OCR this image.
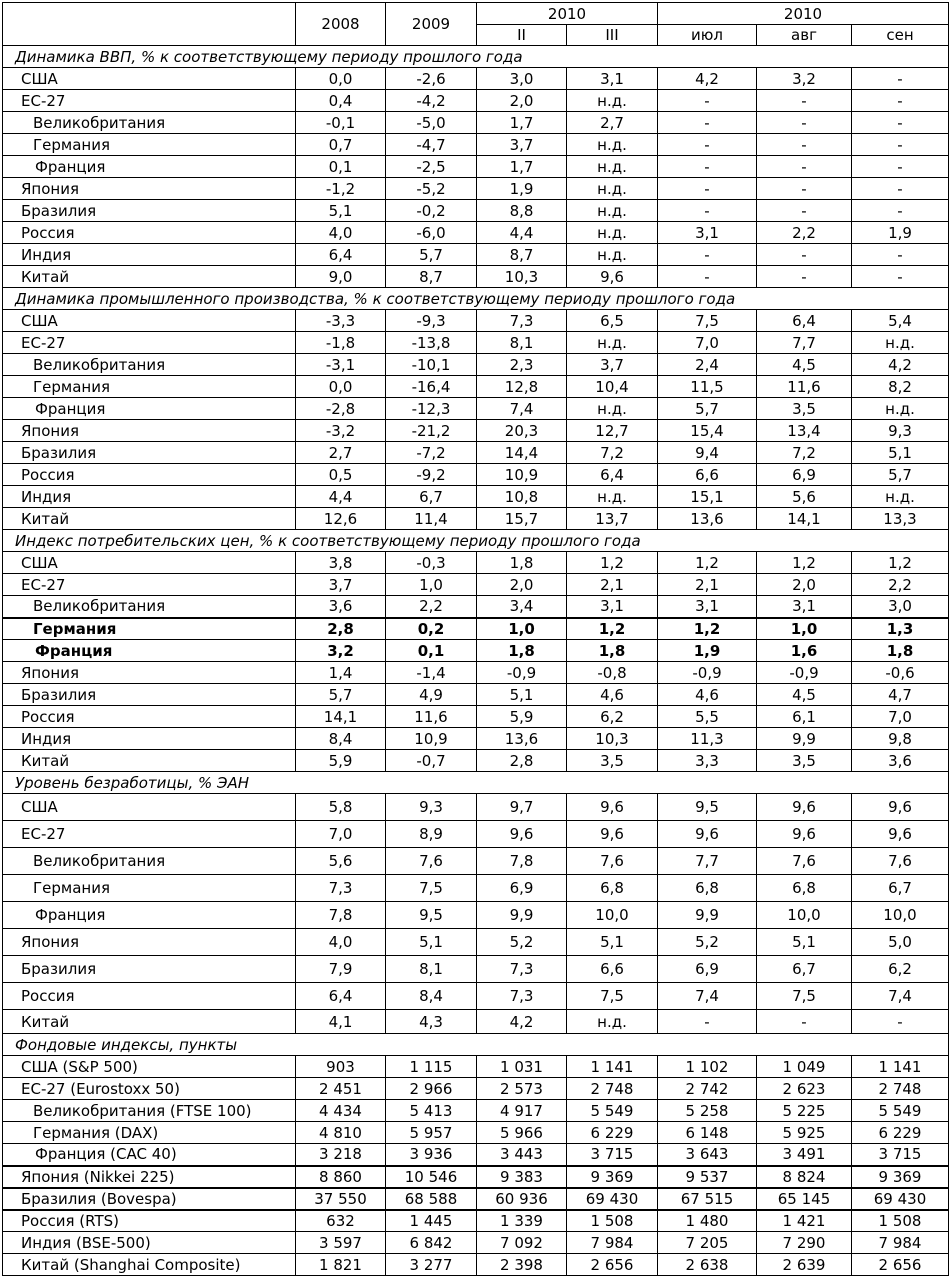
	2008	2009	2010		2010		
			II	III	июл	авг	сен
Динамика ВВП, % к соответствующему периоду прошлого года							
США	0,0	-2,6	3,0	3,1	4,2	3,2	-
ЕС-27	0,4	-4,2	2,0	н.д.	-	-	-
Великобритания	-0,1	-5,0	1,7	2,7	-	-	-
Германия	0,7	-4,7	3,7	н.д.	-	-	-
Франция	0,1	-2,5	1,7	н.д.	-	-	-
Япония	-1,2	-5,2	1,9	н.д.	-	-	-
Бразилия	5,1	-0,2	8,8	н.д.	-	-	-
Россия	4,0	-6,0	4,4	н.д.	3,1	2,2	1,9
Индия	6,4	5,7	8,7	н.д.	-	-	-
Китай	9,0	8,7	10,3	9,6	-	-	-
Динамика промышленного производства, % к соответствующему периоду прошлого года							
США	-3,3	-9,3	7,3	6,5	7,5	6,4	5,4
ЕС-27	-1,8	-13,8	8,1	н.д.	7,0	7,7	н.д.
Великобритания	-3,1	-10,1	2,3	3,7	2,4	4,5	4,2
Германия	0,0	-16,4	12,8	10,4	11,5	11,6	8,2
Франция	-2,8	-12,3	7,4	н.д.	5,7	3,5	н.д.
Япония	-3,2	-21,2	20,3	12,7	15,4	13,4	9,3
Бразилия	2,7	-7,2	14,4	7,2	9,4	7,2	5,1
Россия	0,5	-9,2	10,9	6,4	6,6	6,9	5,7
Индия	4,4	6,7	10,8	н.д.	15,1	5,6	н.д.
Китай	12,6	11,4	15,7	13,7	13,6	14,1	13,3
Индекс потребительских цен, % к соответствующему периоду прошлого года							
США	3,8	-0,3	1,8	1,2	1,2	1,2	1,2
ЕС-27	3,7	1,0	2,0	2,1	2,1	2,0	2,2
Великобритания	3,6	2,2	3,4	3,1	3,1	3,1	3,0
Германия	2,8	0,2	1,0	1,2	1,2	1,0	1,3
Франция	3,2	0,1	1,8	1,8	1,9	1,6	1,8
Япония	1,4	-1,4	-0,9	-0,8	-0,9	-0,9	-0,6
Бразилия	5,7	4,9	5,1	4,6	4,6	4,5	4,7
Россия	14,1	11,6	5,9	6,2	5,5	6,1	7,0
Индия	8,4	10,9	13,6	10,3	11,3	9,9	9,8
Китай	5,9	-0,7	2,8	3,5	3,3	3,5	3,6
Уровень безработицы, % ЭАН							
США	5,8	9,3	9,7	9,6	9,5	9,6	9,6
ЕС-27	7,0	8,9	9,6	9,6	9,6	9,6	9,6
Великобритания	5,6	7,6	7,8	7,6	7,7	7,6	7,6
Германия	7,3	7,5	6,9	6,8	6,8	6,8	6,7
Франция	7,8	9,5	9,9	10,0	9,9	10,0	10,0
Япония	4,0	5,1	5,2	5,1	5,2	5,1	5,0
Бразилия	7,9	8,1	7,3	6,6	6,9	6,7	6,2
Россия	6,4	8,4	7,3	7,5	7,4	7,5	7,4
Китай	4,1	4,3	4,2	н.д.	-	-	-
Фондовые индексы, пункты							
США (S&P 500)	903	1 115	1 031	1 141	1 102	1 049	1 141
ЕС-27 (Eurostoxx 50)	2 451	2 966	2 573	2 748	2 742	2 623	2 748
Великобритания (FTSE 100)	4 434	5 413	4 917	5 549	5 258	5 225	5 549
Германия (DAX)	4 810	5 957	5 966	6 229	6 148	5 925	6 229
Франция (CAC 40)	3 218	3 936	3 443	3 715	3 643	3 491	3 715
Япония (Nikkei 225)	8 860	10 546	9 383	9 369	9 537	8 824	9 369
Бразилия (Bovespa)	37 550	68 588	60 936	69 430	67 515	65 145	69 430
Россия (RTS)	632	1 445	1 339	1 508	1 480	1 421	1 508
Индия (BSE-500)	3 597	6 842	7 092	7 984	7 205	7 290	7 984
Китай (Shanghai Composite)	1 821	3 277	2 398	2 656	2 638	2 639	2 656
